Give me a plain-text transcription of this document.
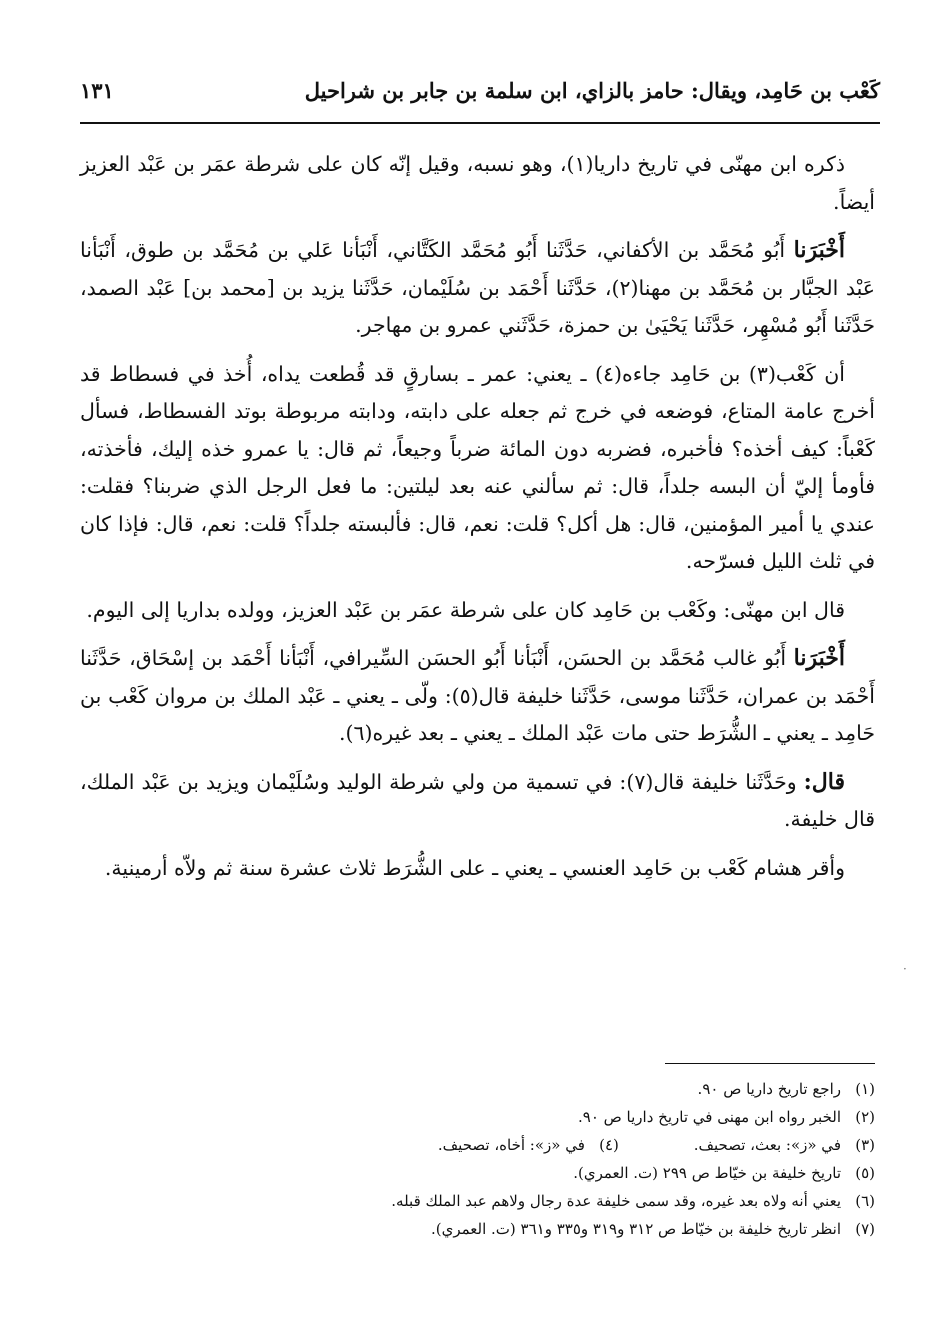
كَعْب بن حَامِد، ويقال: حامز بالزاي، ابن سلمة بن جابر بن شراحيل
١٣١

ذكره ابن مهنّى في تاريخ داريا(١)، وهو نسبه، وقيل إنّه كان على شرطة عمَر بن عَبْد العزيز أيضاً.

أَخْبَرَنا أَبُو مُحَمَّد بن الأكفاني، حَدَّثَنا أَبُو مُحَمَّد الكَتَّاني، أَنْبَأنا عَلي بن مُحَمَّد بن طوق، أَنْبَأنا عَبْد الجبَّار بن مُحَمَّد بن مهنا(٢)، حَدَّثَنا أَحْمَد بن سُلَيْمان، حَدَّثَنا يزيد بن [محمد بن] عَبْد الصمد، حَدَّثَنا أَبُو مُسْهِر، حَدَّثَنا يَحْيَىٰ بن حمزة، حَدَّثَني عمرو بن مهاجر.

أن كَعْب(٣) بن حَامِد جاءه(٤) ـ يعني: عمر ـ بسارقٍ قد قُطعت يداه، أُخذ في فسطاط قد أخرج عامة المتاع، فوضعه في خرج ثم جعله على دابته، ودابته مربوطة بوتد الفسطاط، فسأل كَعْباً: كيف أخذه؟ فأخبره، فضربه دون المائة ضرباً وجيعاً، ثم قال: يا عمرو خذه إليك، فأخذته، فأومأ إليّ أن البسه جلداً، قال: ثم سألني عنه بعد ليلتين: ما فعل الرجل الذي ضربنا؟ فقلت: عندي يا أمير المؤمنين، قال: هل أكل؟ قلت: نعم، قال: فألبسته جلداً؟ قلت: نعم، قال: فإذا كان في ثلث الليل فسرّحه.

قال ابن مهنّى: وكَعْب بن حَامِد كان على شرطة عمَر بن عَبْد العزيز، وولده بداريا إلى اليوم.

أَخْبَرَنا أَبُو غالب مُحَمَّد بن الحسَن، أَنْبَأنا أَبُو الحسَن السِّيرافي، أَنْبَأنا أَحْمَد بن إسْحَاق، حَدَّثَنا أَحْمَد بن عمران، حَدَّثَنا موسى، حَدَّثَنا خليفة قال(٥): ولّى ـ يعني ـ عَبْد الملك بن مروان كَعْب بن حَامِد ـ يعني ـ الشُّرَط حتى مات عَبْد الملك ـ يعني ـ بعد غيره(٦).

قال: وحَدَّثَنا خليفة قال(٧): في تسمية من ولي شرطة الوليد وسُلَيْمان ويزيد بن عَبْد الملك، قال خليفة.

وأقر هشام كَعْب بن حَامِد العنسي ـ يعني ـ على الشُّرَط ثلاث عشرة سنة ثم ولاّه أرمينية.

(١)راجع تاريخ داريا ص ٩٠.
(٢)الخبر رواه ابن مهنى في تاريخ داريا ص ٩٠.
(٣)في «ز»: بعث، تصحيف. (٤)في «ز»: أخاه، تصحيف.
(٥)تاريخ خليفة بن خيّاط ص ٢٩٩ (ت. العمري).
(٦)يعني أنه ولاه بعد غيره، وقد سمى خليفة عدة رجال ولاهم عبد الملك قبله.
(٧)انظر تاريخ خليفة بن خيّاط ص ٣١٢ و٣١٩ و٣٣٥ و٣٦١ (ت. العمري).
·
